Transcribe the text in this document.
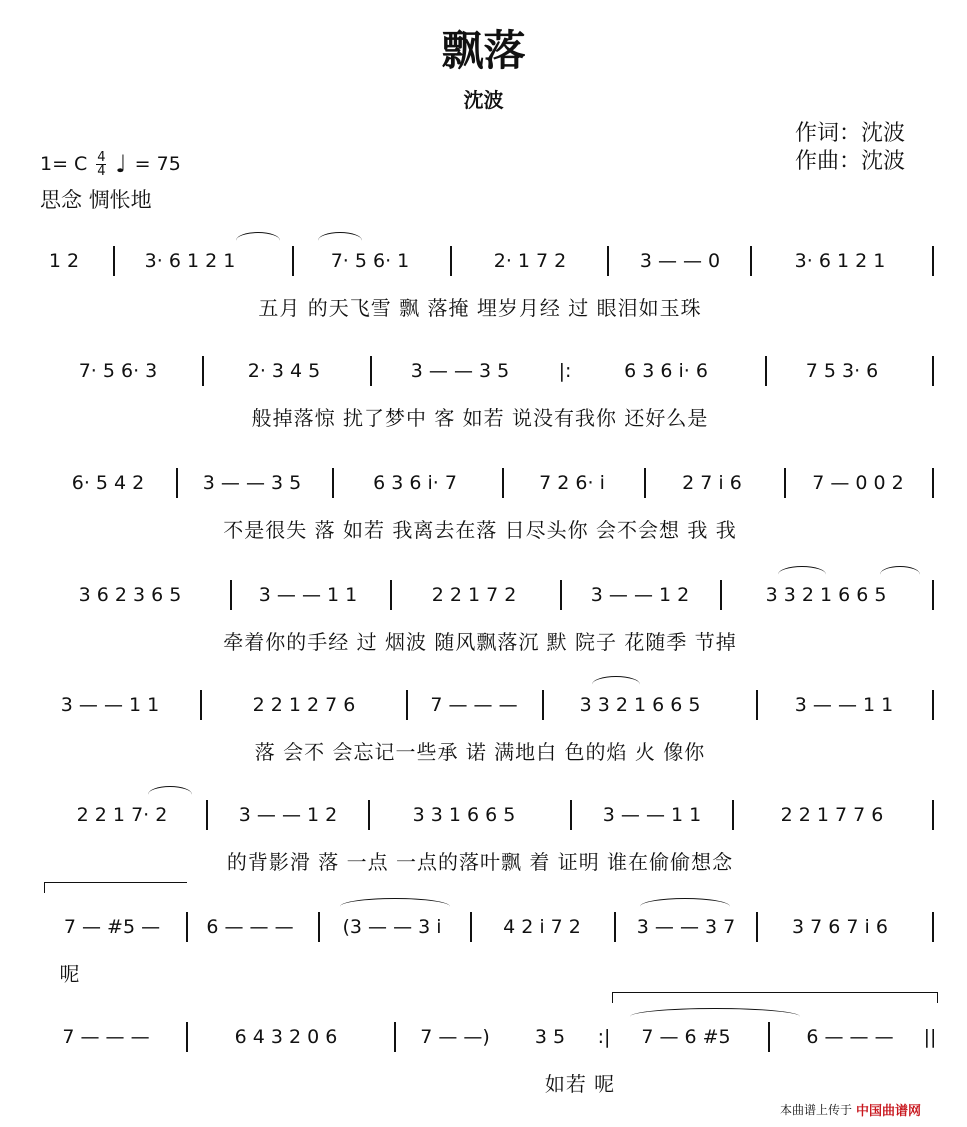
飘落
沈波
作词：沈波
作曲：沈波
1= C $\frac{4}{4}$ ♩ = 75
思念 惆怅地
1 2	3· 6 1 2 1	7· 5 6· 1	2· 1 7 2	3 — — 0	3· 6 1 2 1
五月 的天飞雪 飘 落掩 埋岁月经 过 眼泪如玉珠
7· 5 6· 3	2· 3 4 5	3 — — 3 5	|:	6 3 6 i· 6	7 5 3· 6
般掉落惊 扰了梦中 客 如若 说没有我你 还好么是
6· 5 4 2	3 — — 3 5	6 3 6 i· 7	7 2 6· i	2 7 i 6	7 — 0 0 2
不是很失 落 如若 我离去在落 日尽头你 会不会想 我 我
3 6 2 3 6 5	3 — — 1 1	2 2 1 7 2	3 — — 1 2	3 3 2 1 6 6 5
牵着你的手经 过 烟波 随风飘落沉 默 院子 花随季 节掉
3 — — 1 1	2 2 1 2 7 6	7 — — —	3 3 2 1 6 6 5	3 — — 1 1
落 会不 会忘记一些承 诺 满地白 色的焰 火 像你
2 2 1 7· 2	3 — — 1 2	3 3 1 6 6 5	3 — — 1 1	2 2 1 7 7 6
的背影滑 落 一点 一点的落叶飘 着 证明 谁在偷偷想念
7 — #5 — 6 — — —	(3 — — 3 i	4 2 i 7 2	3 — — 3 7	3 7 6 7 i 6
呢
7 — — —	6 4 3 2 0 6	7 — —) 3 5 :| 7 — 6 #5	6 — — — ||
如若 呢
本曲谱上传于 中国曲谱网
